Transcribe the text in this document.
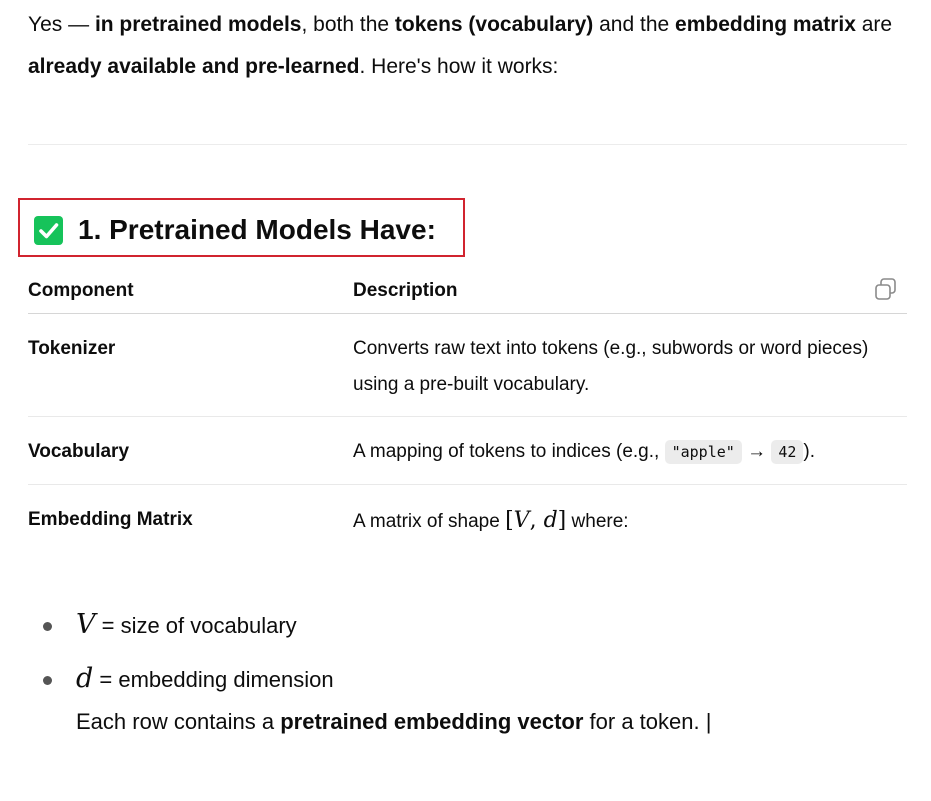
Yes — in pretrained models, both the tokens (vocabulary) and the embedding matrix are already available and pre-learned. Here's how it works:
1. Pretrained Models Have:
Component	Description
Tokenizer	Converts raw text into tokens (e.g., subwords or word pieces) using a pre-built vocabulary.
Vocabulary	A mapping of tokens to indices (e.g., "apple" → 42 ).
Embedding Matrix	A matrix of shape [V, d] where:
V = size of vocabulary
d = embedding dimension
Each row contains a pretrained embedding vector for a token. |
